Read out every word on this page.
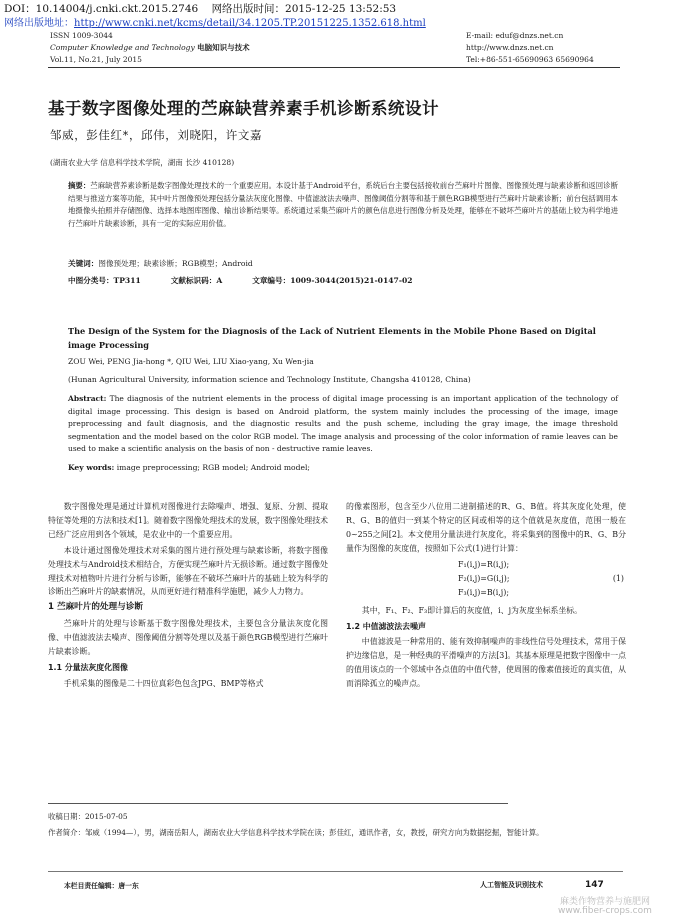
DOI：10.14004/j.cnki.ckt.2015.2746 网络出版时间：2015-12-25 13:52:53
网络出版地址：http://www.cnki.net/kcms/detail/34.1205.TP.20151225.1352.618.html
ISSN 1009-3044
Computer Knowledge and Technology 电脑知识与技术
Vol.11, No.21, July 2015
E-mail: eduf@dnzs.net.cn
http://www.dnzs.net.cn
Tel:+86-551-65690963 65690964
基于数字图像处理的苎麻缺营养素手机诊断系统设计
邹威，彭佳红*，邱伟，刘晓阳，许文嘉
(湖南农业大学 信息科学技术学院，湖南 长沙 410128)
摘要：苎麻缺营养素诊断是数字图像处理技术的一个重要应用。本设计基于Android平台，系统后台主要包括接收前台苎麻叶片图像、图像预处理与缺素诊断和返回诊断结果与推送方案等功能，其中叶片图像预处理包括分量法灰度化图像、中值滤波法去噪声、图像阈值分割等和基于颜色RGB模型进行苎麻叶片缺素诊断；前台包括调用本地摄像头拍照并存储图像、选择本地图库图像、输出诊断结果等。系统通过采集苎麻叶片的颜色信息进行图像分析及处理，能够在不破坏苎麻叶片的基础上较为科学地进行苎麻叶片缺素诊断，具有一定的实际应用价值。
关键词：图像预处理；缺素诊断；RGB模型；Android
中图分类号：TP311	文献标识码：A	文章编号：1009-3044(2015)21-0147-02
The Design of the System for the Diagnosis of the Lack of Nutrient Elements in the Mobile Phone Based on Digital image Processing
ZOU Wei, PENG Jia-hong *, QIU Wei, LIU Xiao-yang, Xu Wen-jia
(Hunan Agricultural University, information science and Technology Institute, Changsha 410128, China)
Abstract: The diagnosis of the nutrient elements in the process of digital image processing is an important application of the technology of digital image processing. This design is based on Android platform, the system mainly includes the processing of the image, image preprocessing and fault diagnosis, and the diagnostic results and the push scheme, including the gray image, the image threshold segmentation and the model based on the color RGB model. The image analysis and processing of the color information of ramie leaves can be used to make a scientific analysis on the basis of non - destructive ramie leaves.
Key words: image preprocessing; RGB model; Android model;

数字图像处理是通过计算机对图像进行去除噪声、增强、复原、分割、提取特征等处理的方法和技术[1]。随着数字图像处理技术的发展，数字图像处理技术已经广泛应用到各个领域，是农业中的一个重要应用。

本设计通过图像处理技术对采集的图片进行预处理与缺素诊断，将数字图像处理技术与Android技术相结合，方便实现苎麻叶片无损诊断。通过数字图像处理技术对植物叶片进行分析与诊断，能够在不破坏苎麻叶片的基础上较为科学的诊断出苎麻叶片的缺素情况，从而更好进行精准科学施肥，减少人力物力。

1 苎麻叶片的处理与诊断

苎麻叶片的处理与诊断基于数字图像处理技术，主要包含分量法灰度化图像、中值滤波法去噪声、图像阈值分割等处理以及基于颜色RGB模型进行苎麻叶片缺素诊断。

1.1 分量法灰度化图像

手机采集的图像是二十四位真彩色包含JPG、BMP等格式

的像素图形，包含至少八位用二进制描述的R、G、B值。将其灰度化处理，使R、G、B的值归一到某个特定的区间或相等的这个值就是灰度值，范围一般在0~255之间[2]。本文使用分量法进行灰度化，将采集到的图像中的R、G、B分量作为图像的灰度值，按照如下公式(1)进行计算：

F₁(i,j)=R(i,j);
F₂(i,j)=G(i,j);
F₃(i,j)=B(i,j);
(1)

其中，F₁、F₂、F₃即计算后的灰度值，i、j为灰度坐标系坐标。

1.2 中值滤波法去噪声

中值滤波是一种常用的、能有效抑制噪声的非线性信号处理技术，常用于保护边缘信息，是一种经典的平滑噪声的方法[3]。其基本原理是把数字图像中一点的值用该点的一个邻域中各点值的中值代替，使周围的像素值接近的真实值，从而消除孤立的噪声点。

收稿日期：2015-07-05
作者简介：邹威（1994—），男，湖南岳阳人，湖南农业大学信息科学技术学院在读；彭佳红，通讯作者，女，教授，研究方向为数据挖掘，智能计算。
本栏目责任编辑：唐一东	人工智能及识别技术	147
麻类作物营养与施肥网
www.fiber-crops.com
